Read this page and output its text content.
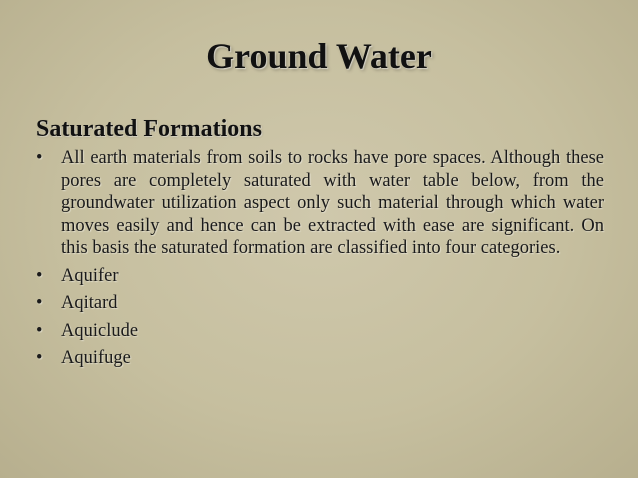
Ground Water
Saturated Formations
•	All earth materials from soils to rocks have pore spaces. Although these pores are completely saturated with water table below, from the groundwater utilization aspect only such material through which water moves easily and hence can be extracted with ease are significant. On this basis the saturated formation are classified into four categories.
•	Aquifer
•	Aqitard
•	Aquiclude
•	Aquifuge
